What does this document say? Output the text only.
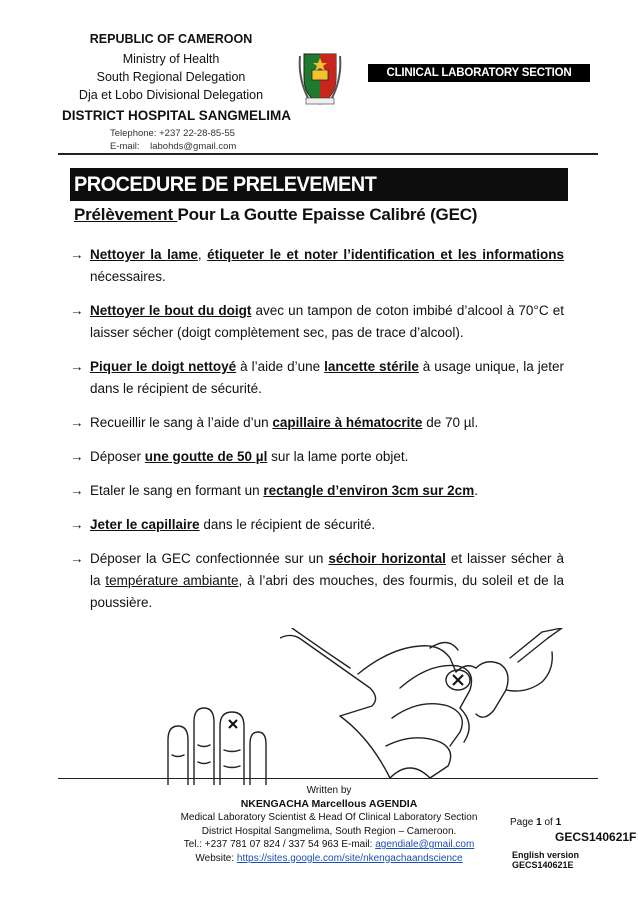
REPUBLIC OF CAMEROON
Ministry of Health
South Regional Delegation
Dja et Lobo Divisional Delegation
CLINICAL LABORATORY SECTION
DISTRICT HOSPITAL SANGMELIMA
Telephone: +237 22-28-85-55
E-mail:    labohds@gmail.com
PROCEDURE DE PRELEVEMENT
Prélèvement Pour La Goutte Epaisse Calibré (GEC)
→ Nettoyer la lame, étiqueter le et noter l’identification et les informations nécessaires.
→ Nettoyer le bout du doigt avec un tampon de coton imbibé d’alcool à 70°C et laisser sécher (doigt complètement sec, pas de trace d’alcool).
→ Piquer le doigt nettoyé à l’aide d’une lancette stérile à usage unique, la jeter dans le récipient de sécurité.
→ Recueillir le sang à l’aide d’un capillaire à hématocrite de 70 µl.
→ Déposer une goutte de 50 µl sur la lame porte objet.
→ Etaler le sang en formant un rectangle d’environ 3cm sur 2cm.
→ Jeter le capillaire dans le récipient de sécurité.
→ Déposer la GEC confectionnée sur un séchoir horizontal et laisser sécher à la température ambiante, à l’abri des mouches, des fourmis, du soleil et de la poussière.
Written by
NKENGACHA Marcellous AGENDIA
Medical Laboratory Scientist & Head Of Clinical Laboratory Section
District Hospital Sangmelima, South Region – Cameroon.
Tel.: +237 781 07 824 / 337 54 963 E-mail: agendiale@gmail.com
Website: https://sites.google.com/site/nkengachaandscience
Page 1 of 1
GECS140621F
English version GECS140621E
